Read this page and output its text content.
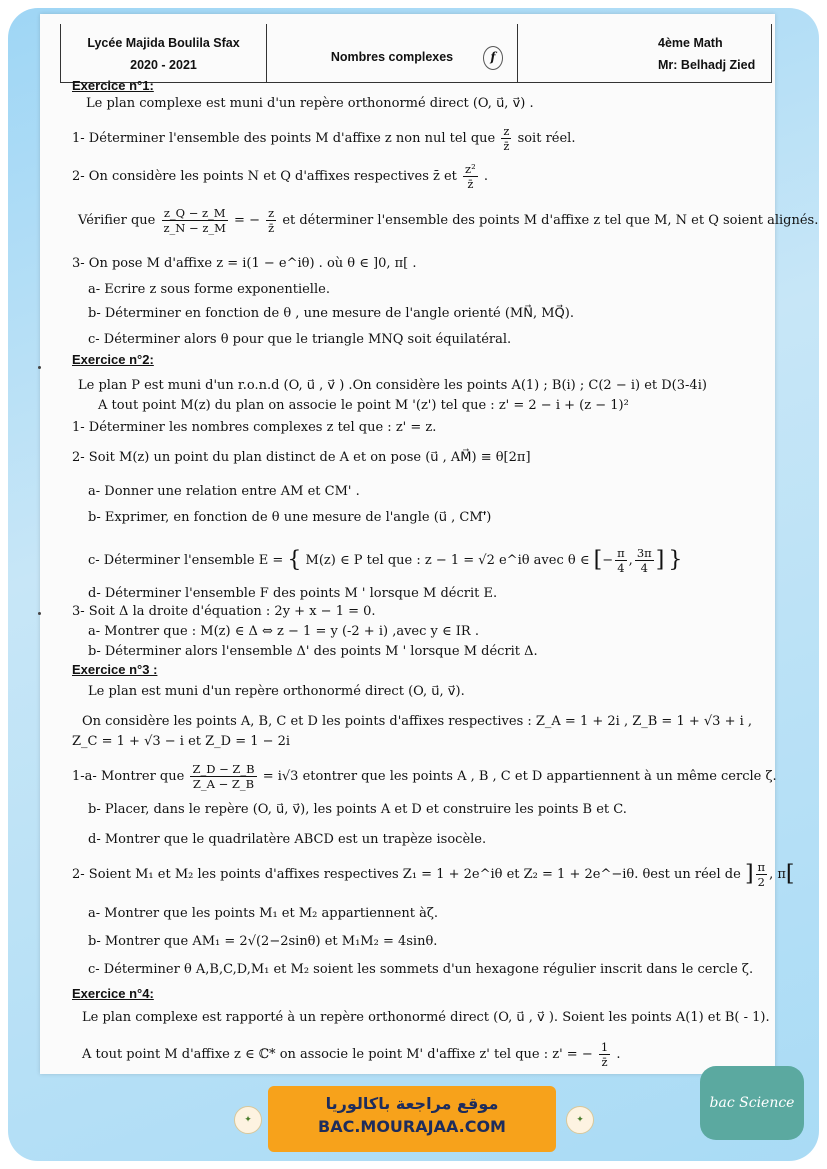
Lycée Majida Boulila Sfax
2020 - 2021
Nombres complexes	f
4ème Math
Mr: Belhadj Zied
Exercice n°1:
Le plan complexe est muni d'un repère orthonormé direct (O, u⃗, v⃗) .
1- Déterminer l'ensemble des points M d'affixe z non nul tel que $\frac{z}{z̄}$ soit réel.
2- On considère les points N et Q d'affixes respectives z̄ et $\frac{\text{z²}}{z̄}$ .
Vérifier que $\frac{z\_Q - z\_M}{z\_N - z\_M}$ = − $\frac{z}{z̄}$ et déterminer l'ensemble des points M d'affixe z tel que M, N et Q soient alignés.
3- On pose M d'affixe z = i(1 − e^iθ) . où θ ∈ ]0, π[ .
a- Ecrire z sous forme exponentielle.
b- Déterminer en fonction de θ , une mesure de l'angle orienté (MN⃗, MQ⃗).
c- Déterminer alors θ pour que le triangle MNQ soit équilatéral.
Exercice n°2:
Le plan P est muni d'un r.o.n.d (O, u⃗ , v⃗ ) .On considère les points A(1) ; B(i) ; C(2 − i) et D(3-4i)
A tout point M(z) du plan on associe le point M '(z') tel que : z' = 2 − i + (z − 1)²
1- Déterminer les nombres complexes z tel que : z' = z.
2- Soit M(z) un point du plan distinct de A et on pose (u⃗ , AM⃗) ≡ θ[2π]
a- Donner une relation entre AM et CM' .
b- Exprimer, en fonction de θ une mesure de l'angle (u⃗ , CM'⃗)
c- Déterminer l'ensemble E = { M(z) ∈ P tel que : z − 1 = √2 e^iθ avec θ ∈ [− $\frac{\pi}{4}$ , $\frac{3\pi}{4}$ ] }
d- Déterminer l'ensemble F des points M ' lorsque M décrit E.
3- Soit Δ la droite d'équation : 2y + x − 1 = 0.
a- Montrer que : M(z) ∈ Δ ⇔ z − 1 = y (-2 + i) ,avec y ∈ IR .
b- Déterminer alors l'ensemble Δ' des points M ' lorsque M décrit Δ.
Exercice n°3 :
Le plan est muni d'un repère orthonormé direct (O, u⃗, v⃗).
On considère les points A, B, C et D les points d'affixes respectives : Z_A = 1 + 2i , Z_B = 1 + √3 + i ,
Z_C = 1 + √3 − i et Z_D = 1 − 2i
1-a- Montrer que $\frac{Z\_D - Z\_B}{Z\_A - Z\_B} = i√3$ etontrer que les points A , B , C et D appartiennent à un même cercle ζ.
b- Placer, dans le repère (O, u⃗, v⃗), les points A et D et construire les points B et C.
d- Montrer que le quadrilatère ABCD est un trapèze isocèle.
2- Soient M₁ et M₂ les points d'affixes respectives Z₁ = 1 + 2e^iθ et Z₂ = 1 + 2e^−iθ. θest un réel de ] $\frac{\pi}{2}$ , π[
a- Montrer que les points M₁ et M₂ appartiennent àζ.
b- Montrer que AM₁ = 2√(2−2sinθ) et M₁M₂ = 4sinθ.
c- Déterminer θ A,B,C,D,M₁ et M₂ soient les sommets d'un hexagone régulier inscrit dans le cercle ζ.
Exercice n°4:
Le plan complexe est rapporté à un repère orthonormé direct (O, u⃗ , v⃗ ). Soient les points A(1) et B( - 1).
A tout point M d'affixe z ∈ ℂ* on associe le point M' d'affixe z' tel que : z' = − $\frac{1}{z̄}$ .
✦
موقع مراجعة باكالوريا
BAC.MOURAJAA.COM	✦
bac Science
